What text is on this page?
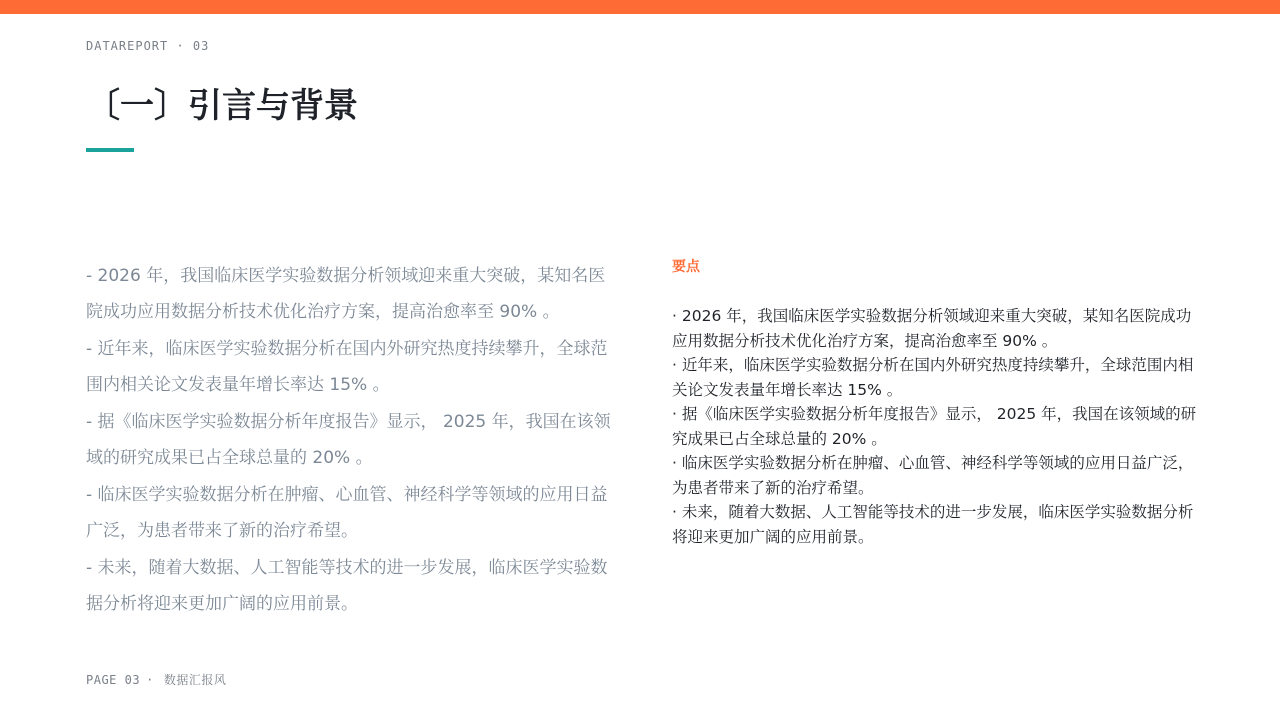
DATAREPORT · 03
〔一〕引言与背景

- 2026 年，我国临床医学实验数据分析领域迎来重大突破，某知名医院成功应用数据分析技术优化治疗方案，提高治愈率至 90% 。

- 近年来，临床医学实验数据分析在国内外研究热度持续攀升，全球范围内相关论文发表量年增长率达 15% 。

- 据《临床医学实验数据分析年度报告》显示， 2025 年，我国在该领域的研究成果已占全球总量的 20% 。

- 临床医学实验数据分析在肿瘤、心血管、神经科学等领域的应用日益广泛，为患者带来了新的治疗希望。

- 未来，随着大数据、人工智能等技术的进一步发展，临床医学实验数据分析将迎来更加广阔的应用前景。

要点

· 2026 年，我国临床医学实验数据分析领域迎来重大突破，某知名医院成功应用数据分析技术优化治疗方案，提高治愈率至 90% 。

· 近年来，临床医学实验数据分析在国内外研究热度持续攀升，全球范围内相关论文发表量年增长率达 15% 。

· 据《临床医学实验数据分析年度报告》显示， 2025 年，我国在该领域的研究成果已占全球总量的 20% 。

· 临床医学实验数据分析在肿瘤、心血管、神经科学等领域的应用日益广泛，为患者带来了新的治疗希望。

· 未来，随着大数据、人工智能等技术的进一步发展，临床医学实验数据分析将迎来更加广阔的应用前景。

PAGE 03 · 数据汇报风
